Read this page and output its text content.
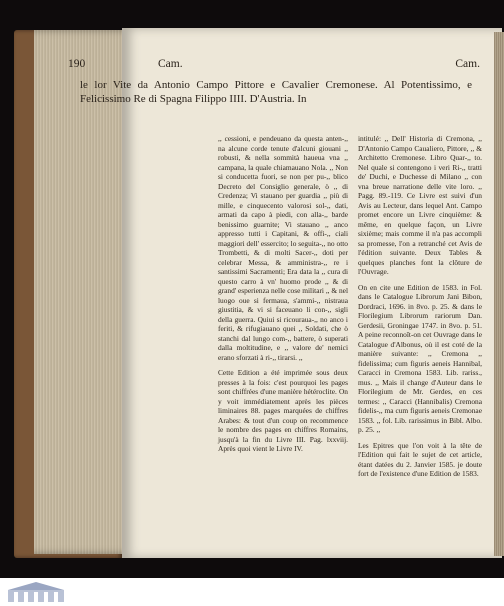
190	Cam.	Cam.
le lor Vite da Antonio Campo Pittore e Cavalier Cremonese. Al Potentissimo, e Felicissimo Re di Spagna Filippo IIII. D'Austria. In

,, cessioni, e pendeuano da questa anten-,, na alcune corde tenute d'alcuni giouani ,, robusti, & nella sommità haueua vna ,, campana, la quale chiamauano Nola. ,, Non si conducetta fuori, se non per pu-,, blico Decreto del Consiglio generale, ò ,, di Credenza; Vi stauano per guardia ,, più di mille, e cinquecento valorosi sol-,, dati, armati da capo à piedi, con alla-,, barde benissimo guarnite; Vi stauano ,, anco appresso tutti i Capitani, & offi-,, ciali maggiori dell' essercito; lo seguita-,, no otto Trombetti, & di molti Sacer-,, doti per celebrar Messa, & amministra-,, re i santissimi Sacramenti; Era data la ,, cura di questo carro à vn' huomo prode ,, & di grand' esperienza nelle cose militari ,, & nel luogo oue si fermaua, s'ammi-,, nistraua giustitia, & vi si faceuano li con-,, sigli della guerra. Quiui si ricouraua-,, no anco i feriti, & rifugiauano quei ,, Soldati, che ò stanchi dal lungo com-,, battere, ò superati dalla moltitudine, e ,, valore de' nemici erano sforzati à ri-,, tirarsi. ,,

Cette Edition a été imprimée sous deux presses à la fois: c'est pourquoi les pages sont chiffrées d'une manière hétéroclite. On y voit immédiatement après les pièces liminaires 88. pages marquées de chiffres Arabes: & tout d'un coup on recommence le nombre des pages en chiffres Romains, jusqu'à la fin du Livre III. Pag. lxxviij. Après quoi vient le Livre IV.

intitulé: ,, Dell' Historia di Cremona, ,, D'Antonio Campo Caualiero, Pittore, ,, & Architetto Cremonese. Libro Quar-,, to. Nel quale si contengono i veri Ri-,, tratti de' Duchi, e Duchesse di Milano ,, con vna breue narratione delle vite loro. ,, Pagg. 89.-119. Ce Livre est suivi d'un Avis au Lecteur, dans lequel Ant. Campo promet encore un Livre cinquième: & même, en quelque façon, un Livre sixième; mais comme il n'a pas accompli sa promesse, l'on a retranché cet Avis de l'édition suivante. Deux Tables & quelques planches font la clôture de l'Ouvrage.

On en cite une Edition de 1583. in Fol. dans le Catalogue Librorum Jani Bibon, Dordraci, 1696. in 8vo. p. 25. & dans le Florilegium Librorum rariorum Dan. Gerdesii, Groningae 1747. in 8vo. p. 51. A peine reconnoît-on cet Ouvrage dans le Catalogue d'Albonus, où il est coté de la manière suivante: ,, Cremona ,, fidelissima; cum figuris aeneis Hannibal, Caracci in Cremona 1583. Lib. rariss., mus. ,, Mais il change d'Auteur dans le Florilegium de Mr. Gerdes, en ces termes: ,, Caracci (Hannibalis) Cremona fidelis-,, ma cum figuris aeneis Cremonae 1583. ,, fol. Lib. rarissimus in Bibl. Albo. p. 25. ,,

Les Epitres que l'on voit à la tête de l'Edition qui fait le sujet de cet article, étant datées du 2. Janvier 1585. je doute fort de l'existence d'une Edition de 1583.
